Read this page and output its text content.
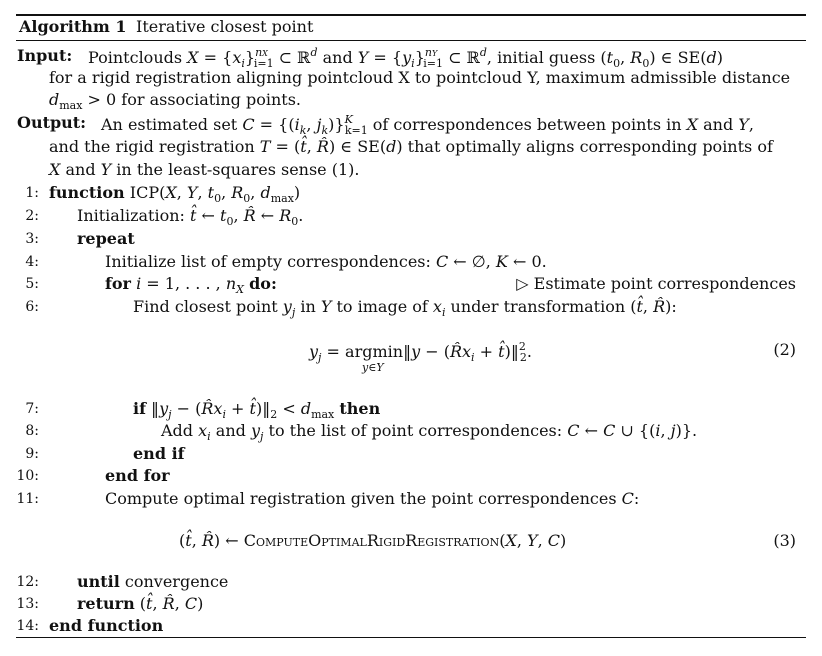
Algorithm 1 Iterative closest point
Input: Pointclouds $X = \{x_i\}^{nX}_{i=1}$ ⊂ ℝ$^d$ and $Y = \{y_i\}^{nY}_{i=1}$ ⊂ ℝ$^d$, initial guess ($t_0$, $R_0$) ∈ SE(d)
for a rigid registration aligning pointcloud X to pointcloud Y, maximum admissible distance
$d_{max} > 0$ for associating points.
Output: An estimated set $C = \{(i_k$, $j_k)\}^K_{k=1}$ of correspondences between points in X and Y,
and the rigid registration T = (t̂, R̂) ∈ SE(d) that optimally aligns corresponding points of
X and Y in the least-squares sense (1).
1: function ICP(X, Y, $t_0$, $R_0$, $d_{max}$)
2: Initialization: t̂ ← $t_0$, R̂ ← $R_0$.
3: repeat
4:	Initialize list of empty correspondences: C ← ∅, K ← 0.
5:	for i = 1, . . . , $n_X$ do:	▷ Estimate point correspondences
6:	Find closest point $y_j$ in Y to image of $x_i$ under transformation (t̂, R̂):
$y_j$ = argmin‖y − ($R̂x_i$ + t̂)‖$^2_2$.
y∈Y
(2)
7:	if $‖y_j$ − ($R̂x_i$ + $t̂)‖_2 < d_{max}$ then
8:	Add $x_i$ and $y_j$ to the list of point correspondences: C ← C ∪ {(i, j)}.
9:	end if
10:	end for
11:	Compute optimal registration given the point correspondences C:
(t̂, R̂) ← ComputeOptimalRigidRegistration(X, Y, C)	(3)
12: until convergence
13: return (t̂, R̂, C)
14: end function
